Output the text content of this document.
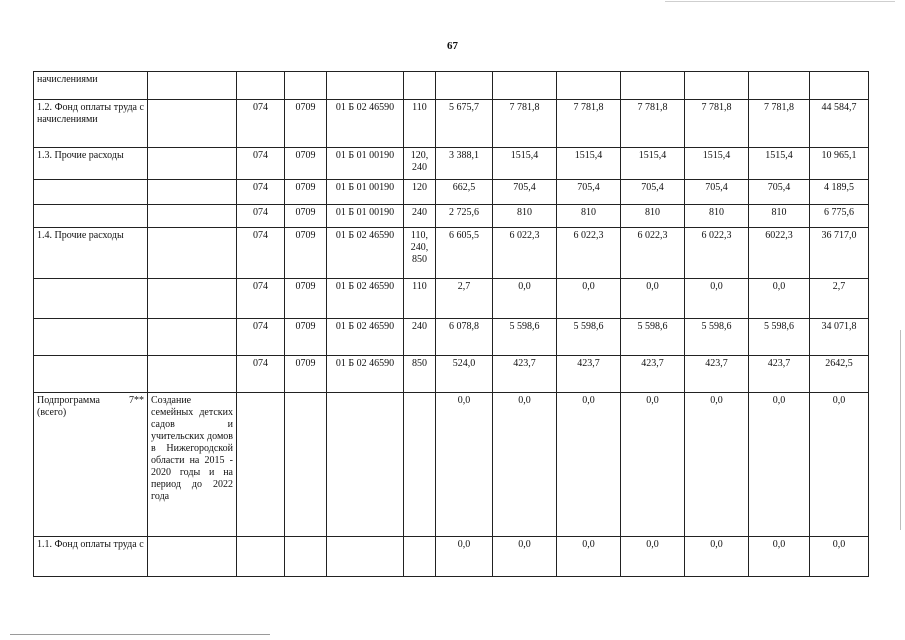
67
начислениями												
1.2. Фонд оплаты труда с начислениями		074	0709	01 Б 02 46590	110	5 675,7	7 781,8	7 781,8	7 781,8	7 781,8	7 781,8	44 584,7
1.3. Прочие расходы		074	0709	01 Б 01 00190	120, 240	3 388,1	1515,4	1515,4	1515,4	1515,4	1515,4	10 965,1
		074	0709	01 Б 01 00190	120	662,5	705,4	705,4	705,4	705,4	705,4	4 189,5
		074	0709	01 Б 01 00190	240	2 725,6	810	810	810	810	810	6 775,6
1.4. Прочие расходы		074	0709	01 Б 02 46590	110, 240, 850	6 605,5	6 022,3	6 022,3	6 022,3	6 022,3	6022,3	36 717,0
		074	0709	01 Б 02 46590	110	2,7	0,0	0,0	0,0	0,0	0,0	2,7
		074	0709	01 Б 02 46590	240	6 078,8	5 598,6	5 598,6	5 598,6	5 598,6	5 598,6	34 071,8
		074	0709	01 Б 02 46590	850	524,0	423,7	423,7	423,7	423,7	423,7	2642,5
Подпрограмма 7**(всего)	Создание семейных детских садов и учительских домов в Нижегородской области на 2015 - 2020 годы и на период до 2022 года					0,0	0,0	0,0	0,0	0,0	0,0	0,0
1.1. Фонд оплаты труда с						0,0	0,0	0,0	0,0	0,0	0,0	0,0
